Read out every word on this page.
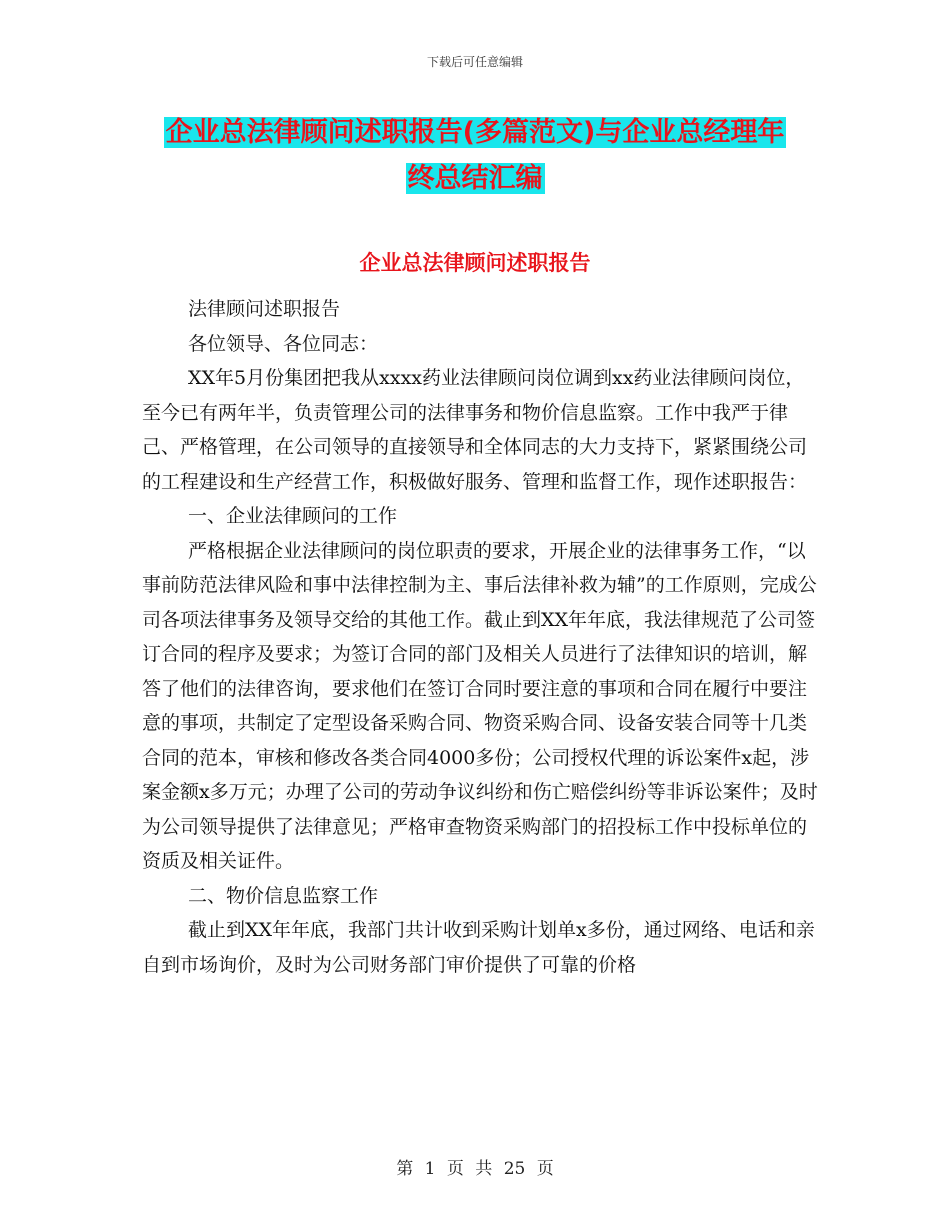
下载后可任意编辑
企业总法律顾问述职报告(多篇范文)与企业总经理年
终总结汇编
企业总法律顾问述职报告

法律顾问述职报告

各位领导、各位同志：

XX年5月份集团把我从xxxx药业法律顾问岗位调到xx药业法律顾问岗位，至今已有两年半，负责管理公司的法律事务和物价信息监察。工作中我严于律己、严格管理，在公司领导的直接领导和全体同志的大力支持下，紧紧围绕公司的工程建设和生产经营工作，积极做好服务、管理和监督工作，现作述职报告：

一、企业法律顾问的工作

严格根据企业法律顾问的岗位职责的要求，开展企业的法律事务工作，“以事前防范法律风险和事中法律控制为主、事后法律补救为辅”的工作原则，完成公司各项法律事务及领导交给的其他工作。截止到XX年年底，我法律规范了公司签订合同的程序及要求；为签订合同的部门及相关人员进行了法律知识的培训，解答了他们的法律咨询，要求他们在签订合同时要注意的事项和合同在履行中要注意的事项，共制定了定型设备采购合同、物资采购合同、设备安装合同等十几类合同的范本，审核和修改各类合同4000多份；公司授权代理的诉讼案件x起，涉案金额x多万元；办理了公司的劳动争议纠纷和伤亡赔偿纠纷等非诉讼案件；及时为公司领导提供了法律意见；严格审查物资采购部门的招投标工作中投标单位的资质及相关证件。

二、物价信息监察工作

截止到XX年年底，我部门共计收到采购计划单x多份，通过网络、电话和亲自到市场询价，及时为公司财务部门审价提供了可靠的价格

第 1 页 共 25 页
